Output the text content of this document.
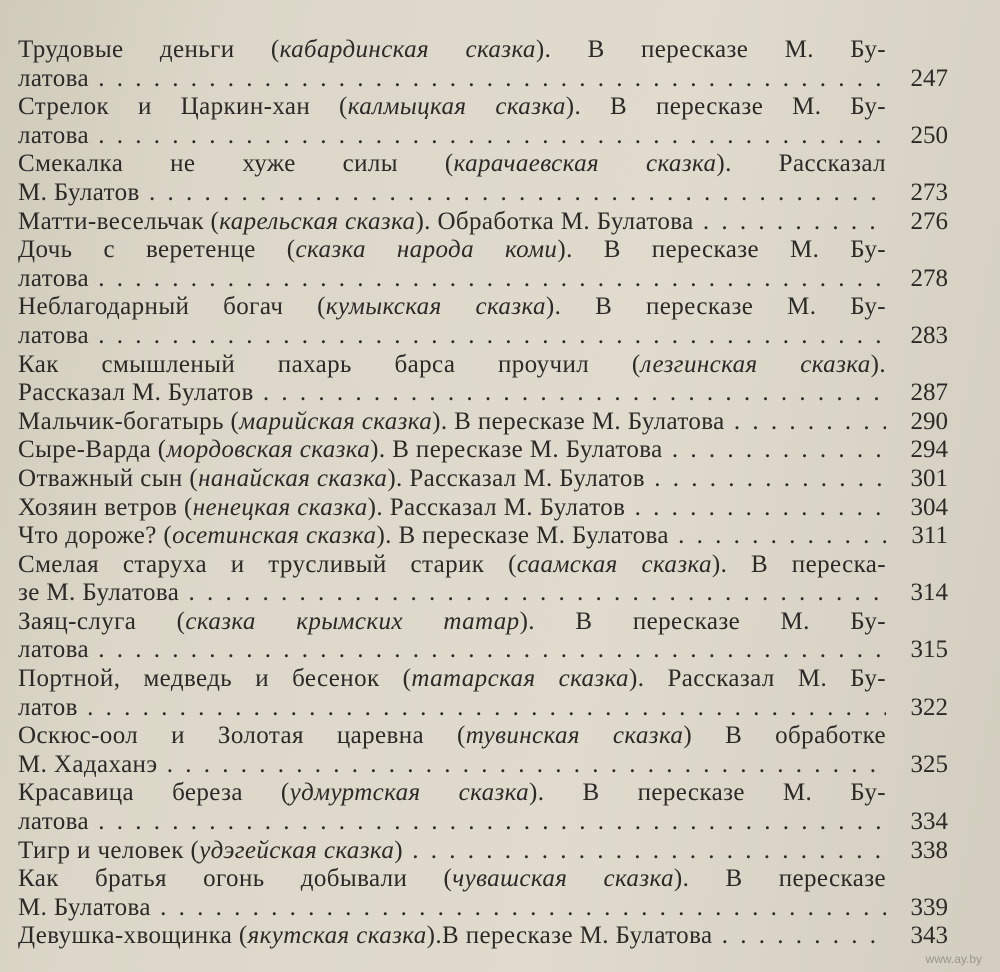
Трудовые деньги (кабардинская сказка). В пересказе М. Бу-
латова . . .	247
Стрелок и Царкин-хан (калмыцкая сказка). В пересказе М. Бу-
латова . . .	250
Смекалка не хуже силы (карачаевская сказка). Рассказал
М. Булатов . . .	273
Матти-весельчак (карельская сказка). Обработка М. Булатова . . .	276
Дочь с веретенце (сказка народа коми). В пересказе М. Бу-
латова . . .	278
Неблагодарный богач (кумыкская сказка). В пересказе М. Бу-
латова . . .	283
Как смышленый пахарь барса проучил (лезгинская сказка).
Рассказал М. Булатов . . .	287
Мальчик-богатырь (марийская сказка). В пересказе М. Булатова . . .	290
Сыре-Варда (мордовская сказка). В пересказе М. Булатова . . .	294
Отважный сын (нанайская сказка). Рассказал М. Булатов . . .	301
Хозяин ветров (ненецкая сказка). Рассказал М. Булатов . . .	304
Что дороже? (осетинская сказка). В пересказе М. Булатова . . .	311
Смелая старуха и трусливый старик (саамская сказка). В переска-
зе М. Булатова . . .	314
Заяц-слуга (сказка крымских татар). В пересказе М. Бу-
латова . . .	315
Портной, медведь и бесенок (татарская сказка). Рассказал М. Бу-
латов . . .	322
Оскюс-оол и Золотая царевна (тувинская сказка) В обработке
М. Хадаханэ . . .	325
Красавица береза (удмуртская сказка). В пересказе М. Бу-
латова . . .	334
Тигр и человек (удэгейская сказка) . . .	338
Как братья огонь добывали (чувашская сказка). В пересказе
М. Булатова . . .	339
Девушка-хвощинка (якутская сказка).В пересказе М. Булатова . . .	343
www.ay.by
